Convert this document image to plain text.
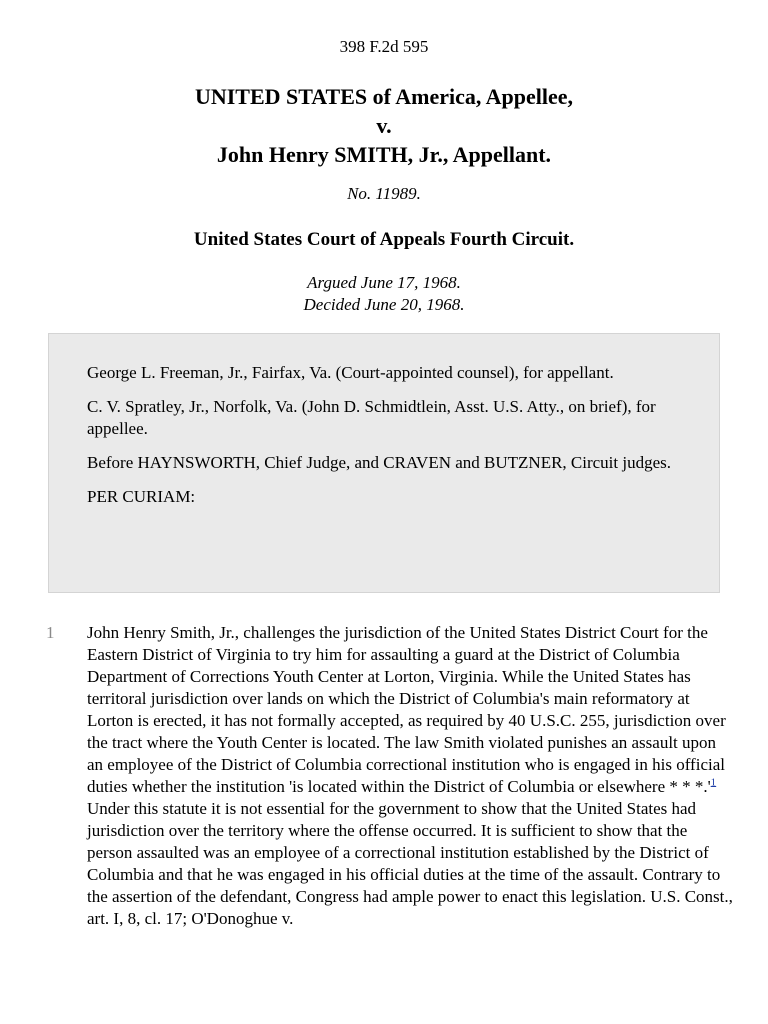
398 F.2d 595
UNITED STATES of America, Appellee,
v.
John Henry SMITH, Jr., Appellant.
No. 11989.
United States Court of Appeals Fourth Circuit.
Argued June 17, 1968.
Decided June 20, 1968.

George L. Freeman, Jr., Fairfax, Va. (Court-appointed counsel), for appellant.

C. V. Spratley, Jr., Norfolk, Va. (John D. Schmidtlein, Asst. U.S. Atty., on brief), for appellee.

Before HAYNSWORTH, Chief Judge, and CRAVEN and BUTZNER, Circuit judges.

PER CURIAM:

1 John Henry Smith, Jr., challenges the jurisdiction of the United States District Court for the Eastern District of Virginia to try him for assaulting a guard at the District of Columbia Department of Corrections Youth Center at Lorton, Virginia. While the United States has territoral jurisdiction over lands on which the District of Columbia's main reformatory at Lorton is erected, it has not formally accepted, as required by 40 U.S.C. 255, jurisdiction over the tract where the Youth Center is located. The law Smith violated punishes an assault upon an employee of the District of Columbia correctional institution who is engaged in his official duties whether the institution 'is located within the District of Columbia or elsewhere * * *.'$^1$ Under this statute it is not essential for the government to show that the United States had jurisdiction over the territory where the offense occurred. It is sufficient to show that the person assaulted was an employee of a correctional institution established by the District of Columbia and that he was engaged in his official duties at the time of the assault. Contrary to the assertion of the defendant, Congress had ample power to enact this legislation. U.S. Const., art. I, 8, cl. 17; O'Donoghue v.
